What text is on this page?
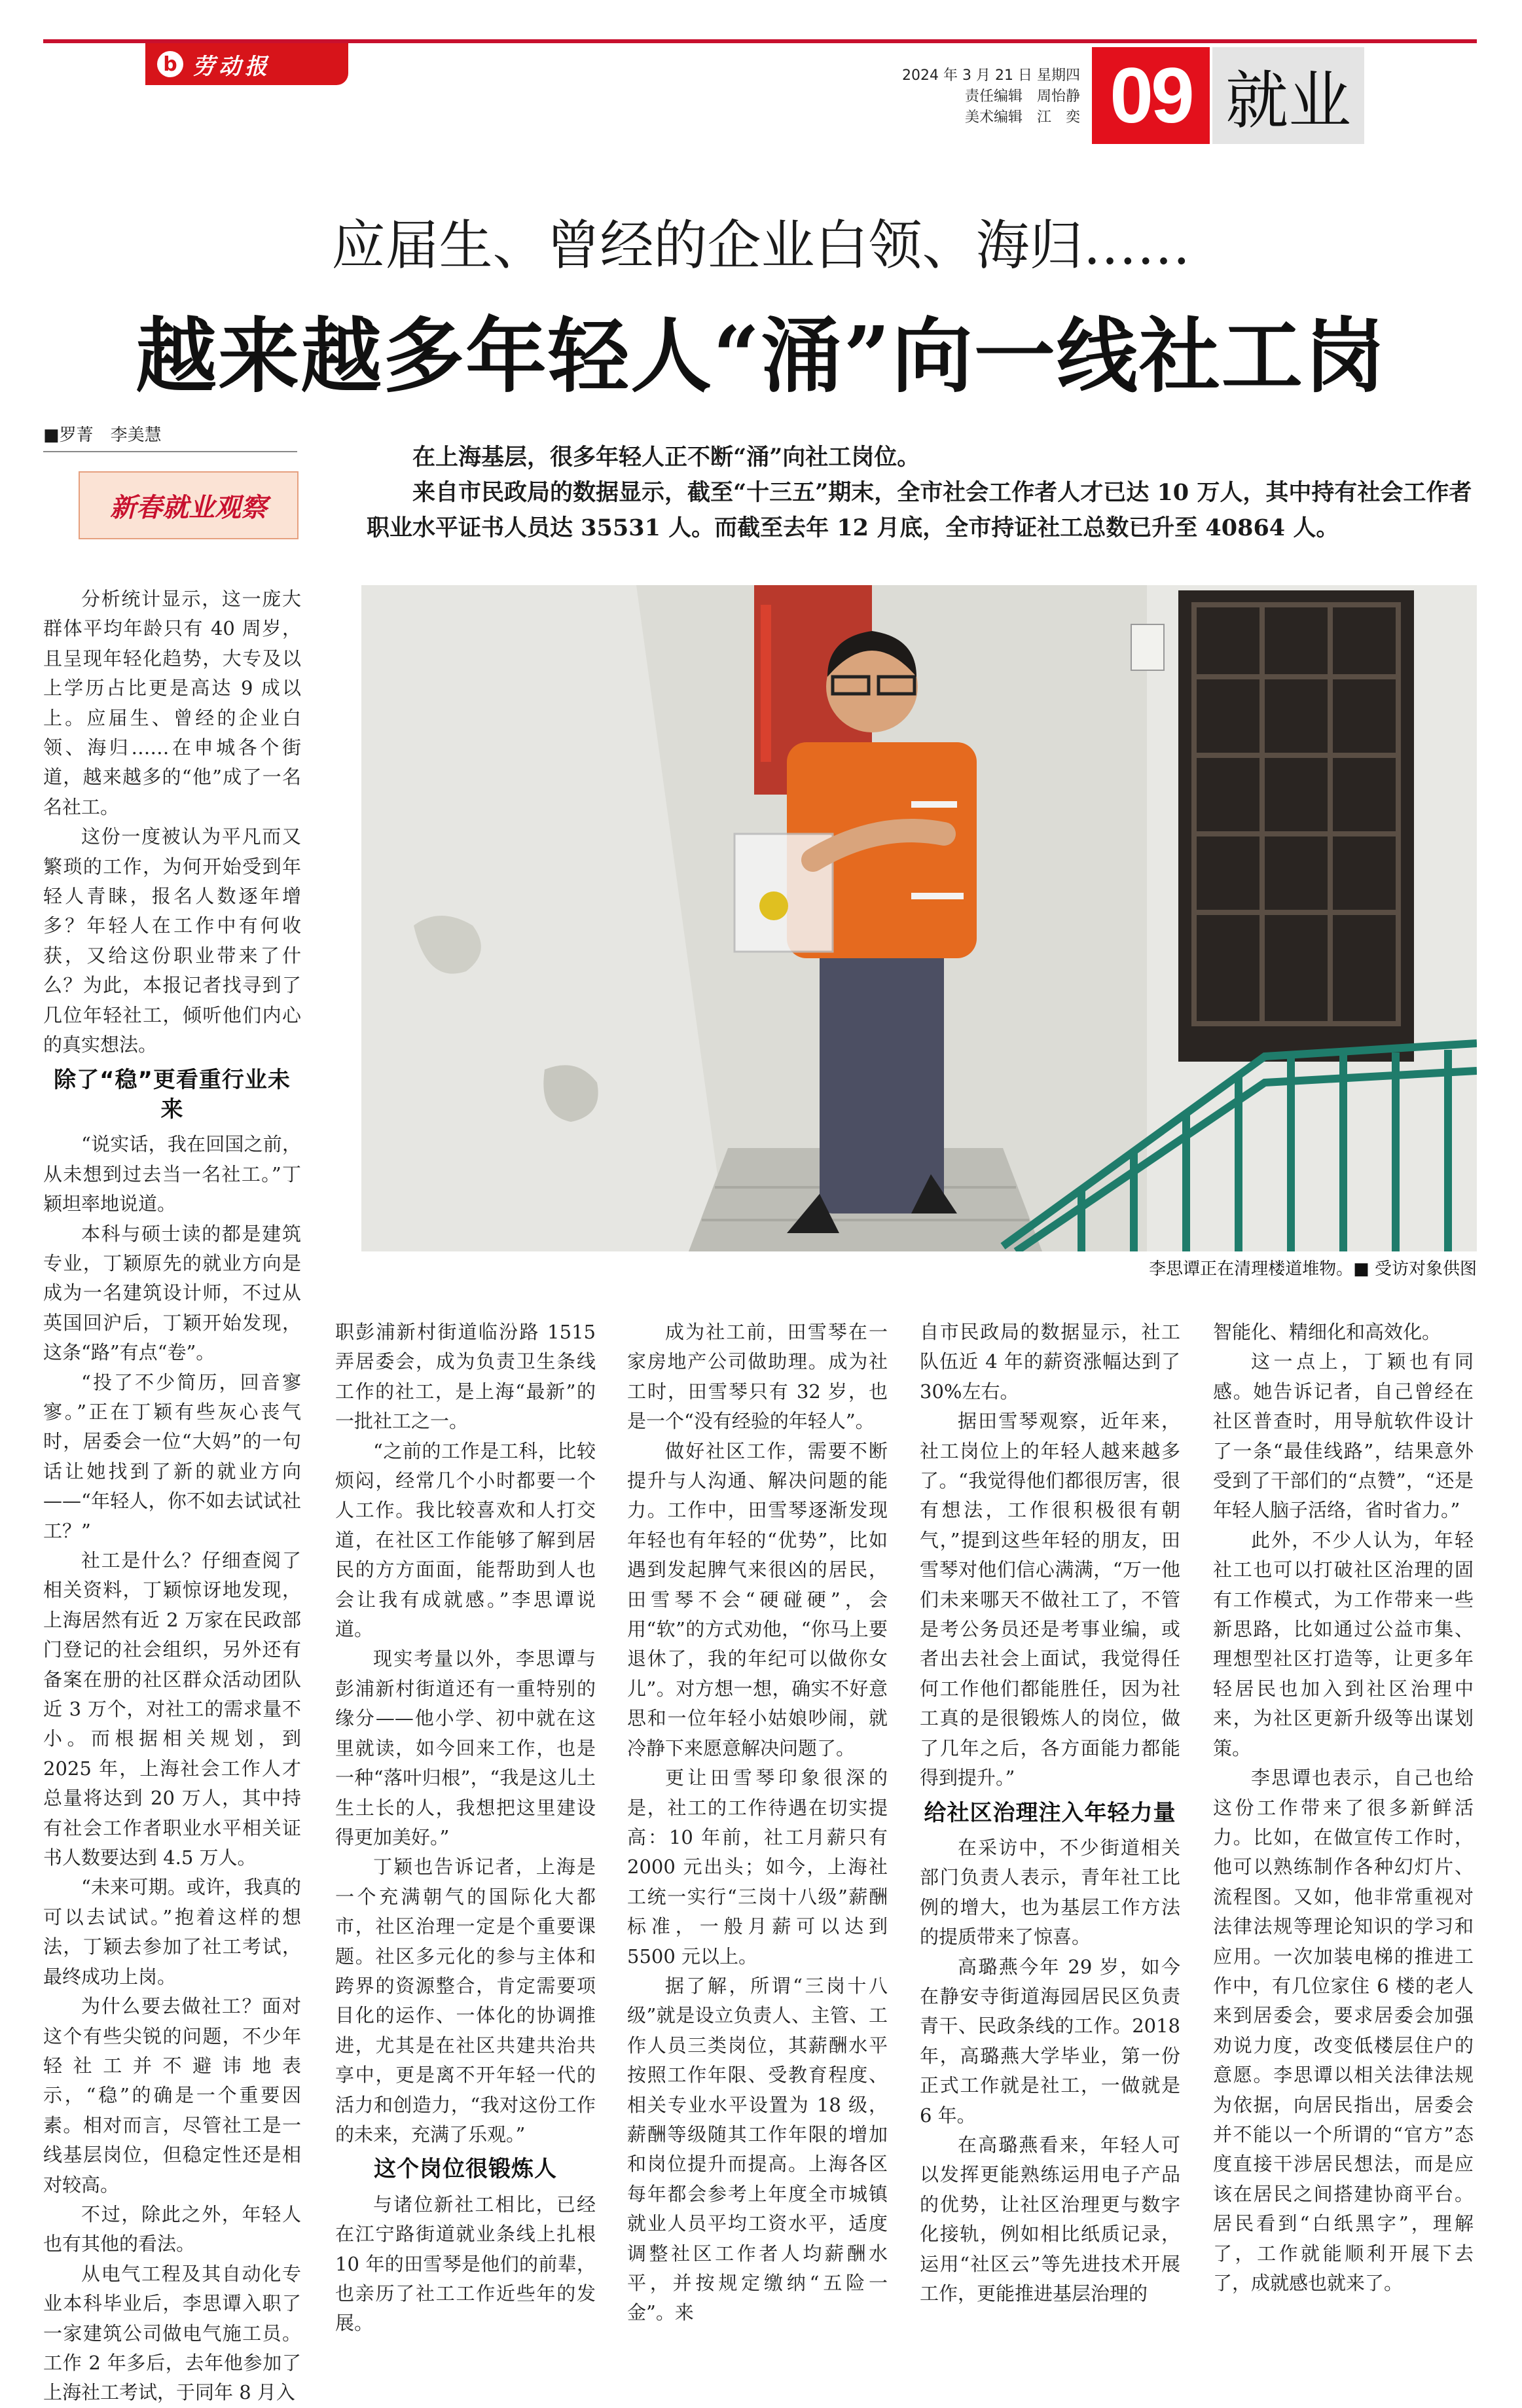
b 劳动报	2024 年 3 月 21 日 星期四
责任编辑　周怡静
美术编辑　江　奕 09 就业
应届生、曾经的企业白领、海归……
越来越多年轻人“涌”向一线社工岗
■罗菁　李美慧
新春就业观察

在上海基层，很多年轻人正不断“涌”向社工岗位。

来自市民政局的数据显示，截至“十三五”期末，全市社会工作者人才已达 10 万人，其中持有社会工作者职业水平证书人员达 35531 人。而截至去年 12 月底，全市持证社工总数已升至 40864 人。

李思谭正在清理楼道堆物。■ 受访对象供图

分析统计显示，这一庞大群体平均年龄只有 40 周岁，且呈现年轻化趋势，大专及以上学历占比更是高达 9 成以上。应届生、曾经的企业白领、海归……在申城各个街道，越来越多的“他”成了一名名社工。

这份一度被认为平凡而又繁琐的工作，为何开始受到年轻人青睐，报名人数逐年增多？年轻人在工作中有何收获，又给这份职业带来了什么？为此，本报记者找寻到了几位年轻社工，倾听他们内心的真实想法。

除了“稳”更看重行业未来

“说实话，我在回国之前，从未想到过去当一名社工。”丁颖坦率地说道。

本科与硕士读的都是建筑专业，丁颖原先的就业方向是成为一名建筑设计师，不过从英国回沪后，丁颖开始发现，这条“路”有点“卷”。

“投了不少简历，回音寥寥。”正在丁颖有些灰心丧气时，居委会一位“大妈”的一句话让她找到了新的就业方向——“年轻人，你不如去试试社工？”

社工是什么？仔细查阅了相关资料，丁颖惊讶地发现，上海居然有近 2 万家在民政部门登记的社会组织，另外还有备案在册的社区群众活动团队近 3 万个，对社工的需求量不小。而根据相关规划，到 2025 年，上海社会工作人才总量将达到 20 万人，其中持有社会工作者职业水平相关证书人数要达到 4.5 万人。

“未来可期。或许，我真的可以去试试。”抱着这样的想法，丁颖去参加了社工考试，最终成功上岗。

为什么要去做社工？面对这个有些尖锐的问题，不少年轻社工并不避讳地表示，“稳”的确是一个重要因素。相对而言，尽管社工是一线基层岗位，但稳定性还是相对较高。

不过，除此之外，年轻人也有其他的看法。

从电气工程及其自动化专业本科毕业后，李思谭入职了一家建筑公司做电气施工员。工作 2 年多后，去年他参加了上海社工考试，于同年 8 月入

职彭浦新村街道临汾路 1515 弄居委会，成为负责卫生条线工作的社工，是上海“最新”的一批社工之一。

“之前的工作是工科，比较烦闷，经常几个小时都要一个人工作。我比较喜欢和人打交道，在社区工作能够了解到居民的方方面面，能帮助到人也会让我有成就感。”李思谭说道。

现实考量以外，李思谭与彭浦新村街道还有一重特别的缘分——他小学、初中就在这里就读，如今回来工作，也是一种“落叶归根”，“我是这儿土生土长的人，我想把这里建设得更加美好。”

丁颖也告诉记者，上海是一个充满朝气的国际化大都市，社区治理一定是个重要课题。社区多元化的参与主体和跨界的资源整合，肯定需要项目化的运作、一体化的协调推进，尤其是在社区共建共治共享中，更是离不开年轻一代的活力和创造力，“我对这份工作的未来，充满了乐观。”

这个岗位很锻炼人

与诸位新社工相比，已经在江宁路街道就业条线上扎根 10 年的田雪琴是他们的前辈，也亲历了社工工作近些年的发展。

成为社工前，田雪琴在一家房地产公司做助理。成为社工时，田雪琴只有 32 岁，也是一个“没有经验的年轻人”。

做好社区工作，需要不断提升与人沟通、解决问题的能力。工作中，田雪琴逐渐发现年轻也有年轻的“优势”，比如遇到发起脾气来很凶的居民，田雪琴不会“硬碰硬”，会用“软”的方式劝他，“你马上要退休了，我的年纪可以做你女儿”。对方想一想，确实不好意思和一位年轻小姑娘吵闹，就冷静下来愿意解决问题了。

更让田雪琴印象很深的是，社工的工作待遇在切实提高：10 年前，社工月薪只有 2000 元出头；如今，上海社工统一实行“三岗十八级”薪酬标准，一般月薪可以达到 5500 元以上。

据了解，所谓“三岗十八级”就是设立负责人、主管、工作人员三类岗位，其薪酬水平按照工作年限、受教育程度、相关专业水平设置为 18 级，薪酬等级随其工作年限的增加和岗位提升而提高。上海各区每年都会参考上年度全市城镇就业人员平均工资水平，适度调整社区工作者人均薪酬水平，并按规定缴纳“五险一金”。来

自市民政局的数据显示，社工队伍近 4 年的薪资涨幅达到了 30%左右。

据田雪琴观察，近年来，社工岗位上的年轻人越来越多了。“我觉得他们都很厉害，很有想法，工作很积极很有朝气，”提到这些年轻的朋友，田雪琴对他们信心满满，“万一他们未来哪天不做社工了，不管是考公务员还是考事业编，或者出去社会上面试，我觉得任何工作他们都能胜任，因为社工真的是很锻炼人的岗位，做了几年之后，各方面能力都能得到提升。”

给社区治理注入年轻力量

在采访中，不少街道相关部门负责人表示，青年社工比例的增大，也为基层工作方法的提质带来了惊喜。

高璐燕今年 29 岁，如今在静安寺街道海园居民区负责青干、民政条线的工作。2018 年，高璐燕大学毕业，第一份正式工作就是社工，一做就是 6 年。

在高璐燕看来，年轻人可以发挥更能熟练运用电子产品的优势，让社区治理更与数字化接轨，例如相比纸质记录，运用“社区云”等先进技术开展工作，更能推进基层治理的

智能化、精细化和高效化。

这一点上，丁颖也有同感。她告诉记者，自己曾经在社区普查时，用导航软件设计了一条“最佳线路”，结果意外受到了干部们的“点赞”，“还是年轻人脑子活络，省时省力。”

此外，不少人认为，年轻社工也可以打破社区治理的固有工作模式，为工作带来一些新思路，比如通过公益市集、理想型社区打造等，让更多年轻居民也加入到社区治理中来，为社区更新升级等出谋划策。

李思谭也表示，自己也给这份工作带来了很多新鲜活力。比如，在做宣传工作时，他可以熟练制作各种幻灯片、流程图。又如，他非常重视对法律法规等理论知识的学习和应用。一次加装电梯的推进工作中，有几位家住 6 楼的老人来到居委会，要求居委会加强劝说力度，改变低楼层住户的意愿。李思谭以相关法律法规为依据，向居民指出，居委会并不能以一个所谓的“官方”态度直接干涉居民想法，而是应该在居民之间搭建协商平台。居民看到“白纸黑字”，理解了，工作就能顺利开展下去了，成就感也就来了。
